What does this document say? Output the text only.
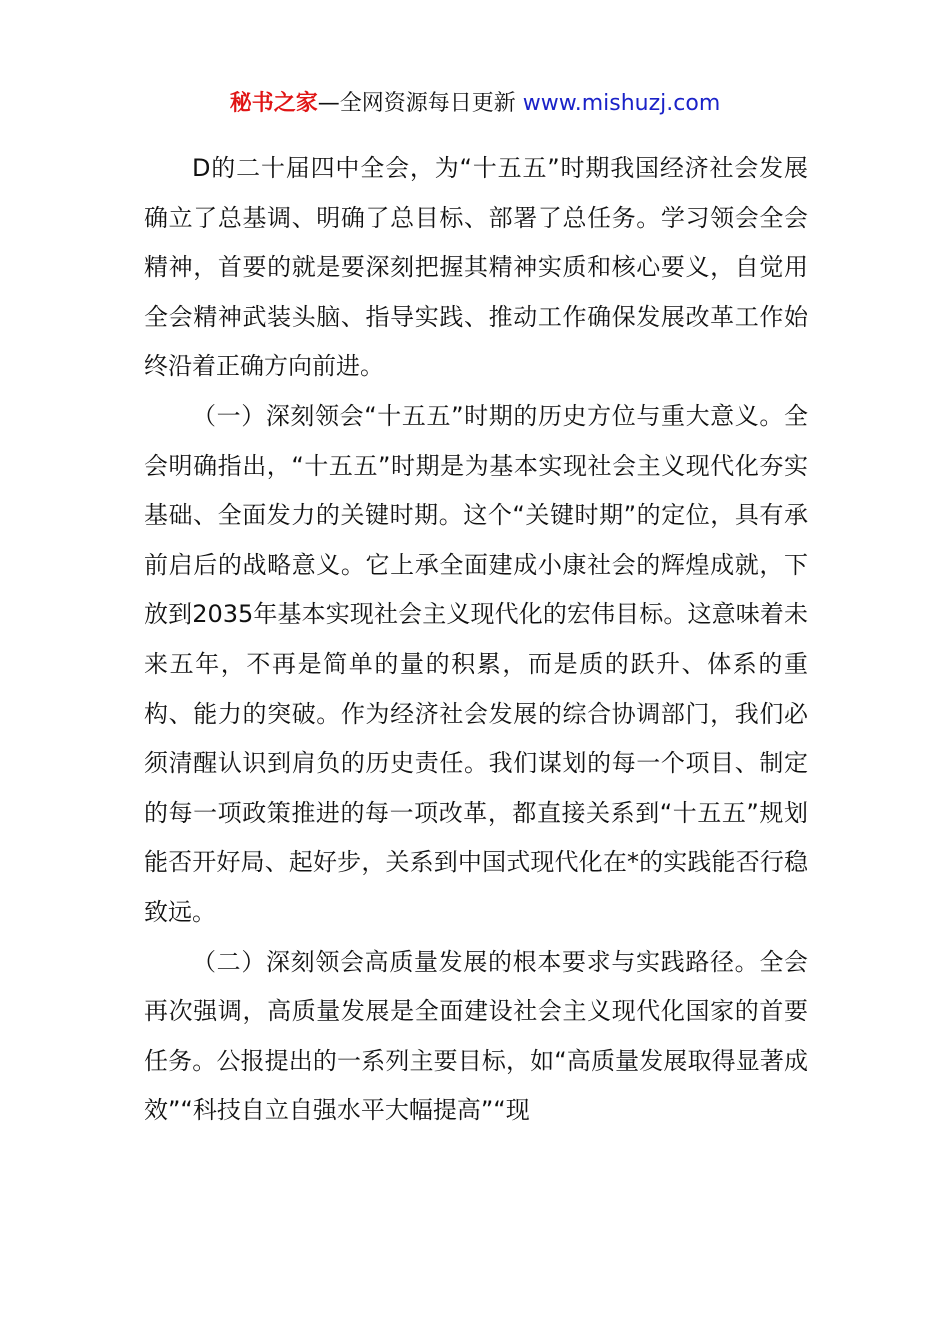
秘书之家—全网资源每日更新 www.mishuzj.com

D的二十届四中全会，为“十五五”时期我国经济社会发展确立了总基调、明确了总目标、部署了总任务。学习领会全会精神，首要的就是要深刻把握其精神实质和核心要义，自觉用全会精神武装头脑、指导实践、推动工作确保发展改革工作始终沿着正确方向前进。

（一）深刻领会“十五五”时期的历史方位与重大意义。全会明确指出，“十五五”时期是为基本实现社会主义现代化夯实基础、全面发力的关键时期。这个“关键时期”的定位，具有承前启后的战略意义。它上承全面建成小康社会的辉煌成就，下放到2035年基本实现社会主义现代化的宏伟目标。这意味着未来五年，不再是简单的量的积累，而是质的跃升、体系的重构、能力的突破。作为经济社会发展的综合协调部门，我们必须清醒认识到肩负的历史责任。我们谋划的每一个项目、制定的每一项政策推进的每一项改革，都直接关系到“十五五”规划能否开好局、起好步，关系到中国式现代化在*的实践能否行稳致远。

（二）深刻领会高质量发展的根本要求与实践路径。全会再次强调，高质量发展是全面建设社会主义现代化国家的首要任务。公报提出的一系列主要目标，如“高质量发展取得显著成效”“科技自立自强水平大幅提高”“现
